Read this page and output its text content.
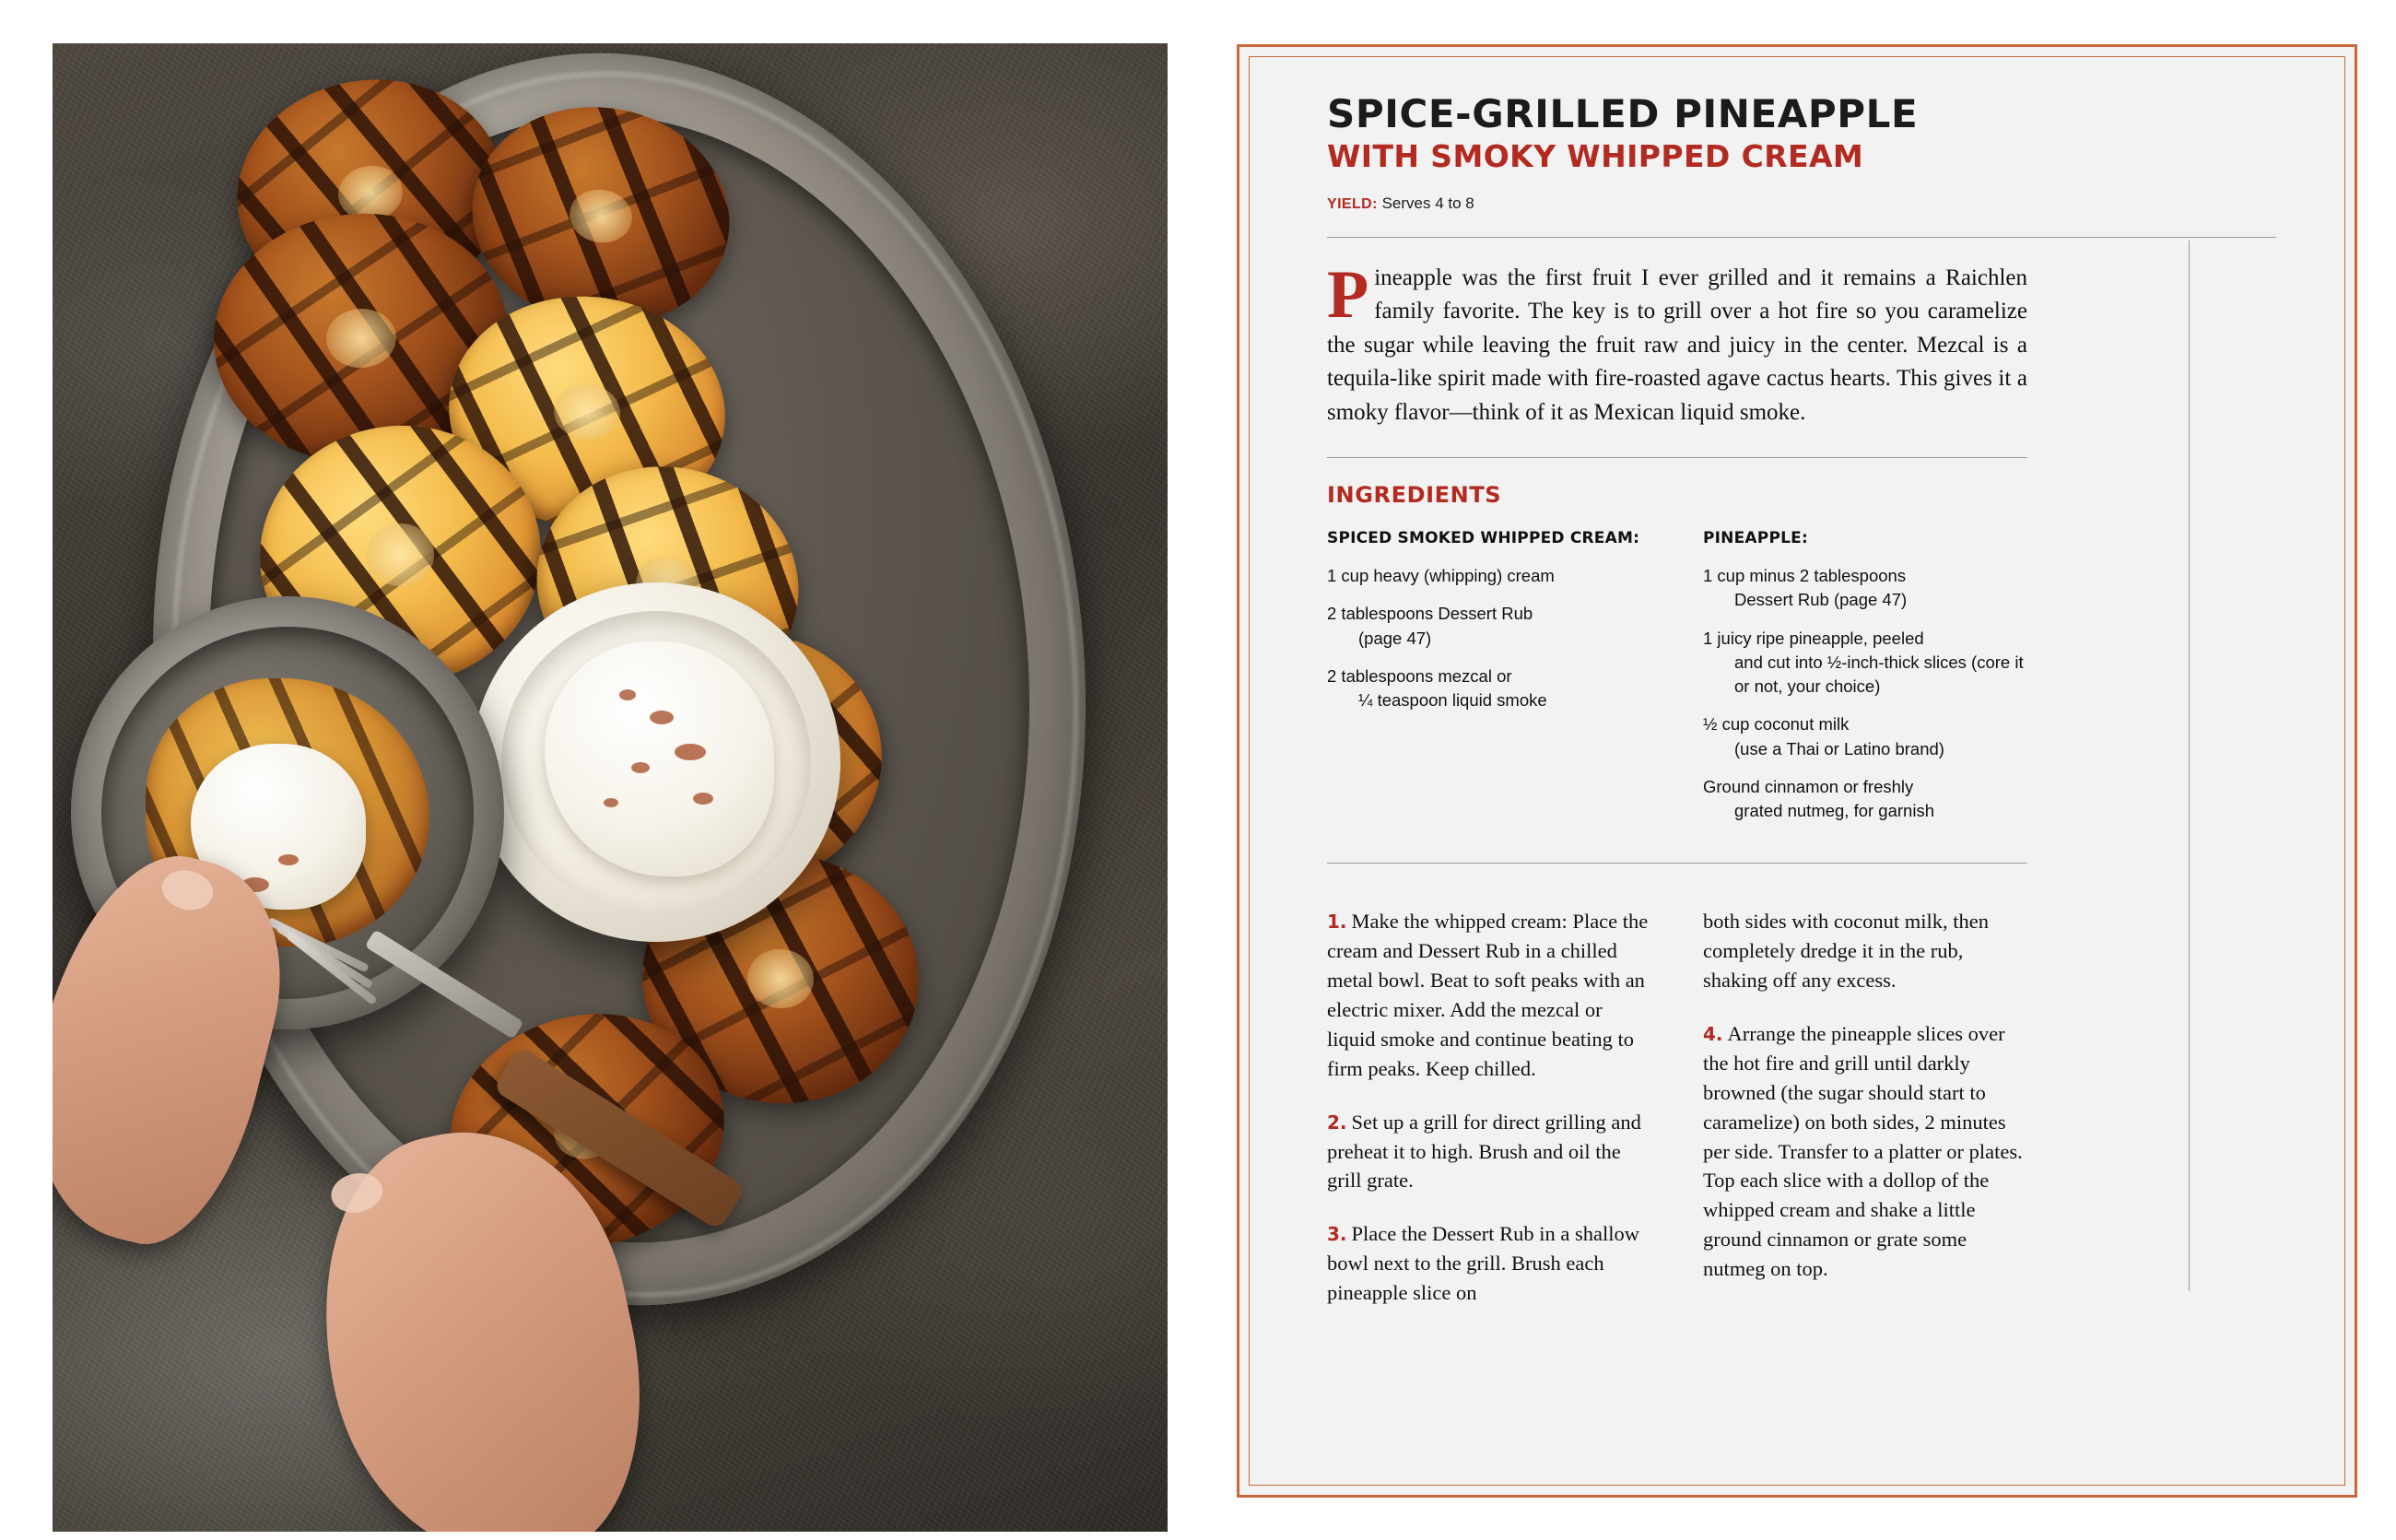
SPICE-GRILLED PINEAPPLE
WITH SMOKY WHIPPED CREAM
YIELD: Serves 4 to 8

Pineapple was the first fruit I ever grilled and it remains a Raichlen family favorite. The key is to grill over a hot fire so you caramelize the sugar while leaving the fruit raw and juicy in the center. Mezcal is a tequila-like spirit made with fire-roasted agave cactus hearts. This gives it a smoky flavor—think of it as Mexican liquid smoke.

INGREDIENTS
SPICED SMOKED WHIPPED CREAM:
1 cup heavy (whipping) cream
2 tablespoons Dessert Rub
(page 47)
2 tablespoons mezcal or
¼ teaspoon liquid smoke
PINEAPPLE:
1 cup minus 2 tablespoons
Dessert Rub (page 47)
1 juicy ripe pineapple, peeled
and cut into ½-inch-thick slices (core it or not, your choice)
½ cup coconut milk
(use a Thai or Latino brand)
Ground cinnamon or freshly
grated nutmeg, for garnish

1. Make the whipped cream: Place the cream and Dessert Rub in a chilled metal bowl. Beat to soft peaks with an electric mixer. Add the mezcal or liquid smoke and continue beating to firm peaks. Keep chilled.

2. Set up a grill for direct grilling and preheat it to high. Brush and oil the grill grate.

3. Place the Dessert Rub in a shallow bowl next to the grill. Brush each pineapple slice on

both sides with coconut milk, then completely dredge it in the rub, shaking off any excess.

4. Arrange the pineapple slices over the hot fire and grill until darkly browned (the sugar should start to caramelize) on both sides, 2 minutes per side. Transfer to a platter or plates. Top each slice with a dollop of the whipped cream and shake a little ground cinnamon or grate some nutmeg on top.
